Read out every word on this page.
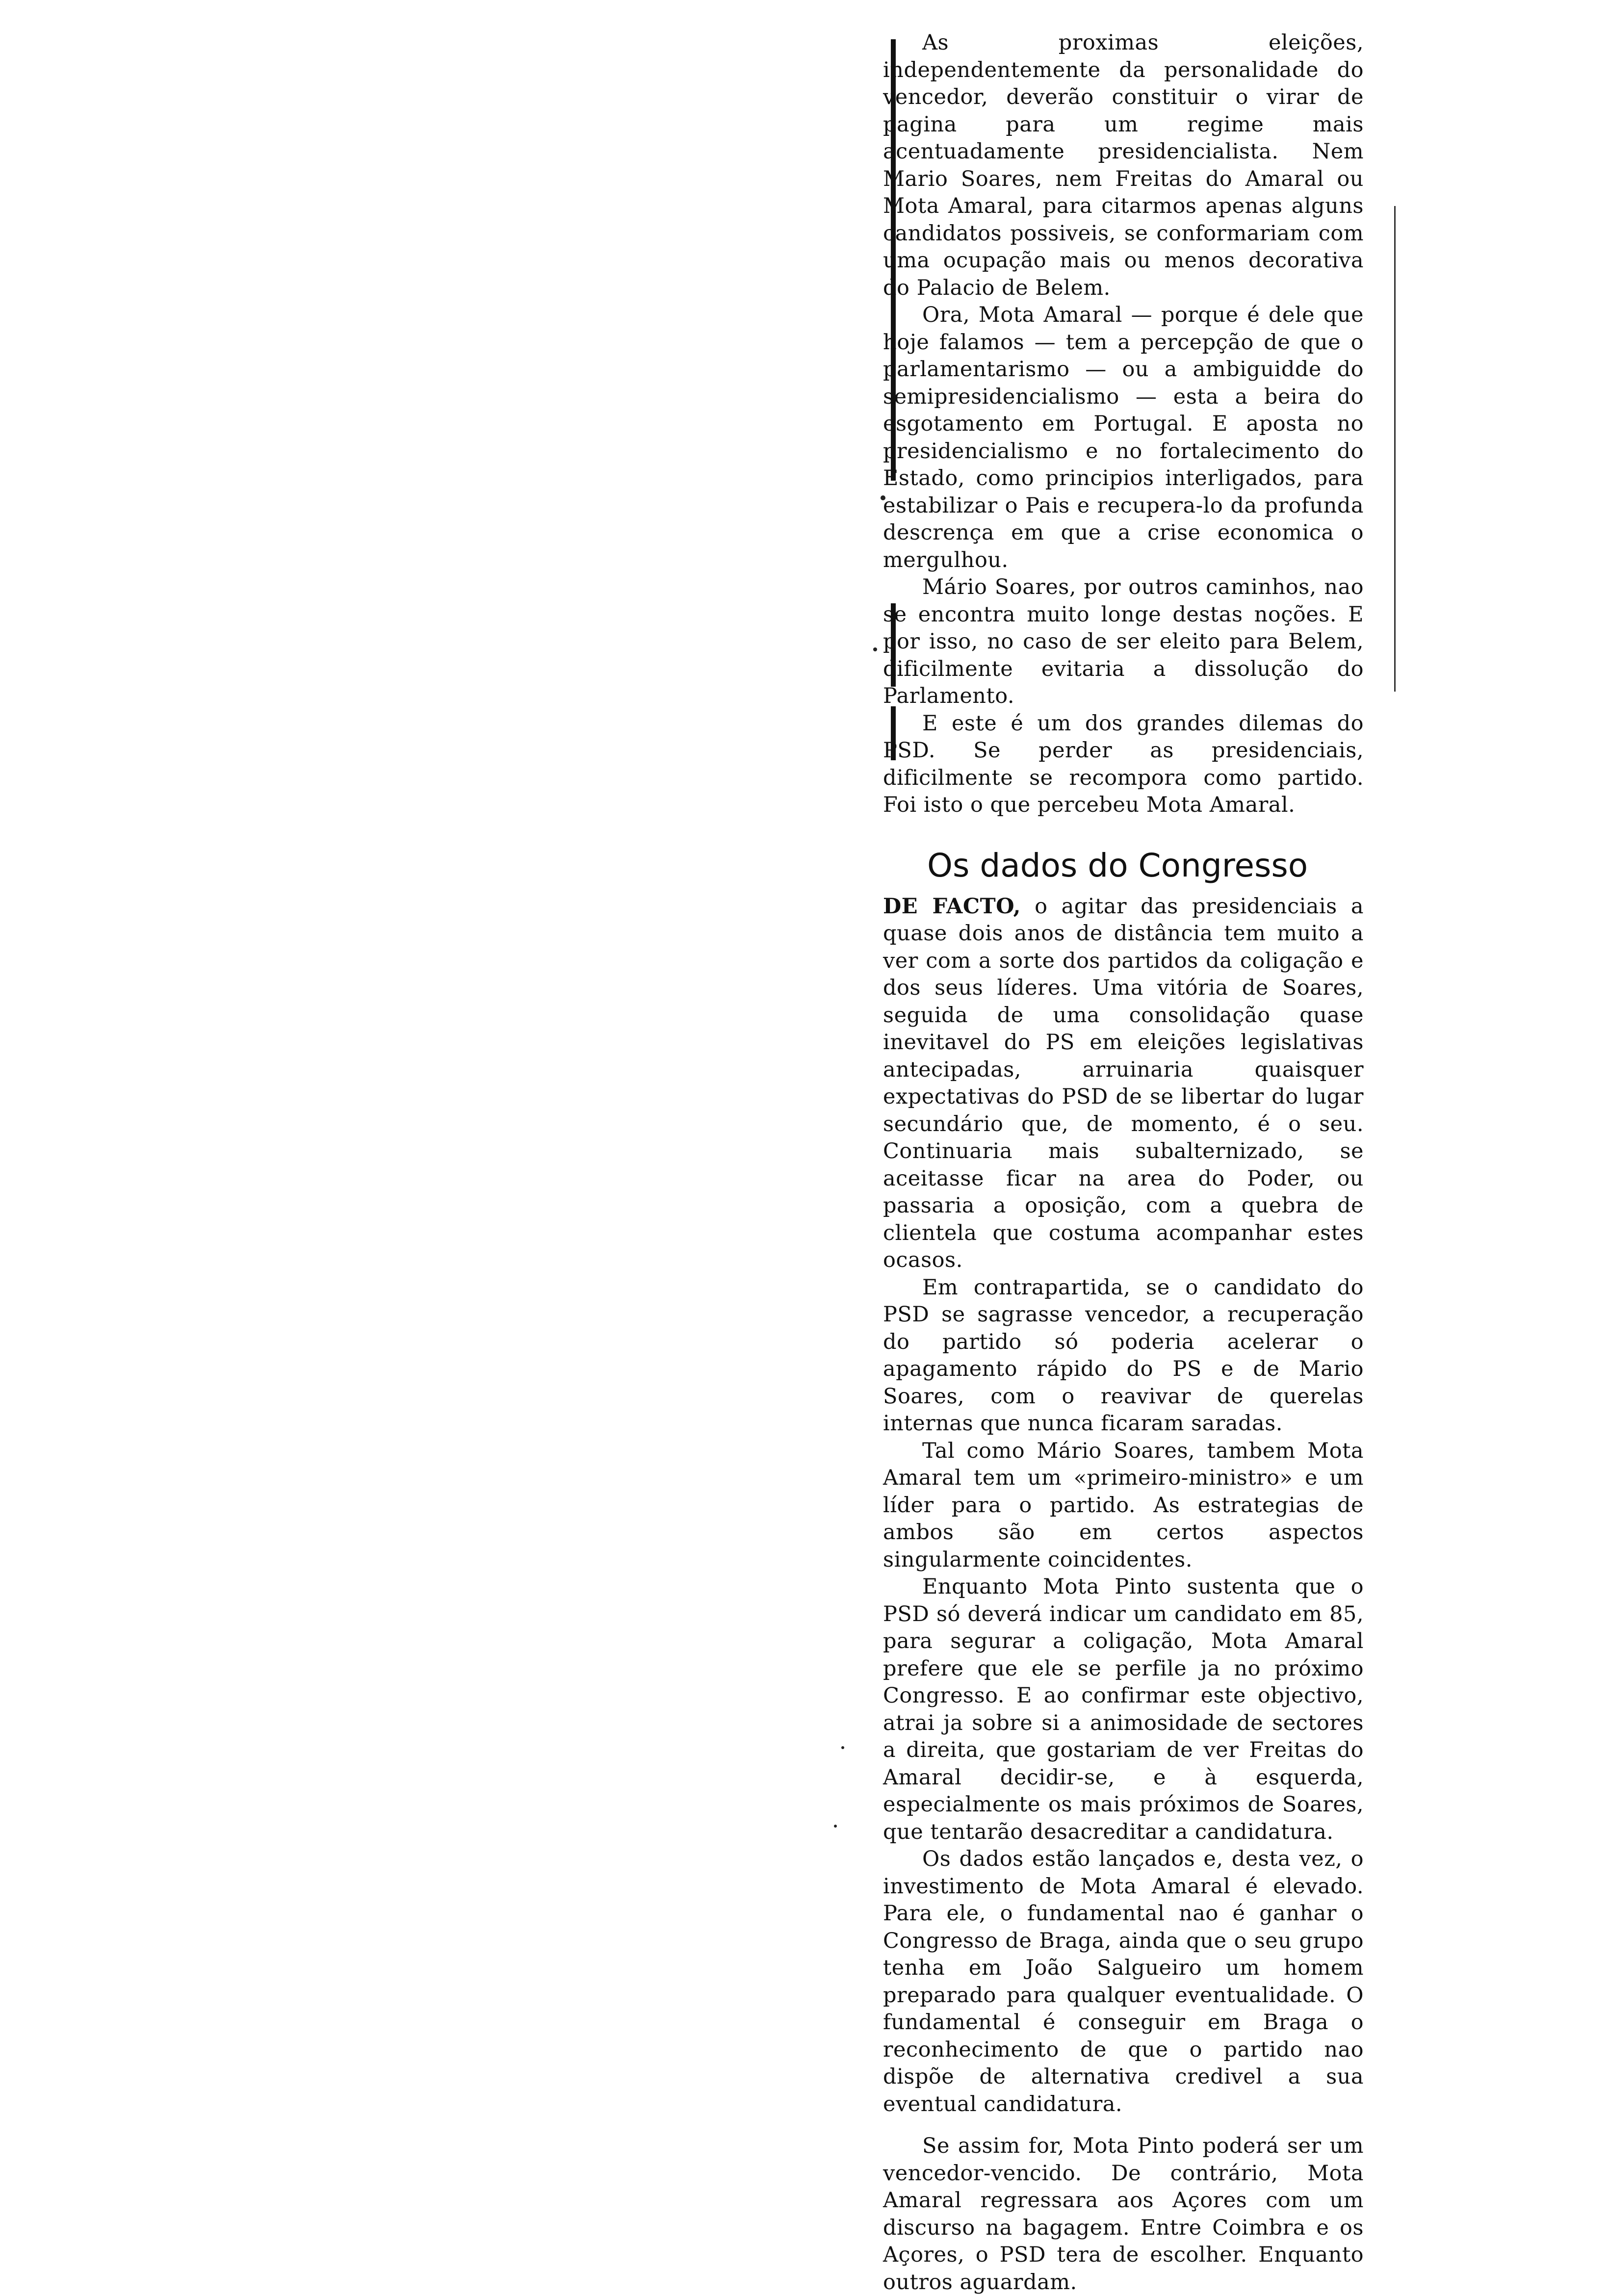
As proximas eleições, independentemente da personalidade do vencedor, deverão constituir o virar de pagina para um regime mais acentuadamente presidencialista. Nem Mario Soares, nem Freitas do Amaral ou Mota Amaral, para citarmos apenas alguns candidatos possiveis, se conformariam com uma ocupação mais ou menos decorativa do Palacio de Belem.

Ora, Mota Amaral — porque é dele que hoje falamos — tem a percepção de que o parlamentarismo — ou a ambiguidde do semipresidencialismo — esta a beira do esgotamento em Portugal. E aposta no presidencialismo e no fortalecimento do Estado, como principios interligados, para estabilizar o Pais e recupera-lo da profunda descrença em que a crise economica o mergulhou.

Mário Soares, por outros caminhos, nao se encontra muito longe destas noções. E por isso, no caso de ser eleito para Belem, dificilmente evitaria a dissolução do Parlamento.

E este é um dos grandes dilemas do PSD. Se perder as presidenciais, dificilmente se recompora como partido. Foi isto o que percebeu Mota Amaral.

Os dados do Congresso

DE FACTO, o agitar das presidenciais a quase dois anos de distância tem muito a ver com a sorte dos partidos da coligação e dos seus líderes. Uma vitória de Soares, seguida de uma consolidação quase inevitavel do PS em eleições legislativas antecipadas, arruinaria quaisquer expectativas do PSD de se libertar do lugar secundário que, de momento, é o seu. Continuaria mais subalternizado, se aceitasse ficar na area do Poder, ou passaria a oposição, com a quebra de clientela que costuma acompanhar estes ocasos.

Em contrapartida, se o candidato do PSD se sagrasse vencedor, a recuperação do partido só poderia acelerar o apagamento rápido do PS e de Mario Soares, com o reavivar de querelas internas que nunca ficaram saradas.

Tal como Mário Soares, tambem Mota Amaral tem um «primeiro-ministro» e um líder para o partido. As estrategias de ambos são em certos aspectos singularmente coincidentes.

Enquanto Mota Pinto sustenta que o PSD só deverá indicar um candidato em 85, para segurar a coligação, Mota Amaral prefere que ele se perfile ja no próximo Congresso. E ao confirmar este objectivo, atrai ja sobre si a animosidade de sectores a direita, que gostariam de ver Freitas do Amaral decidir-se, e à esquerda, especialmente os mais próximos de Soares, que tentarão desacreditar a candidatura.

Os dados estão lançados e, desta vez, o investimento de Mota Amaral é elevado. Para ele, o fundamental nao é ganhar o Congresso de Braga, ainda que o seu grupo tenha em João Salgueiro um homem preparado para qualquer eventualidade. O fundamental é conseguir em Braga o reconhecimento de que o partido nao dispõe de alternativa credivel a sua eventual candidatura.

Se assim for, Mota Pinto poderá ser um vencedor-vencido. De contrário, Mota Amaral regressara aos Açores com um discurso na bagagem. Entre Coimbra e os Açores, o PSD tera de escolher. Enquanto outros aguardam.
